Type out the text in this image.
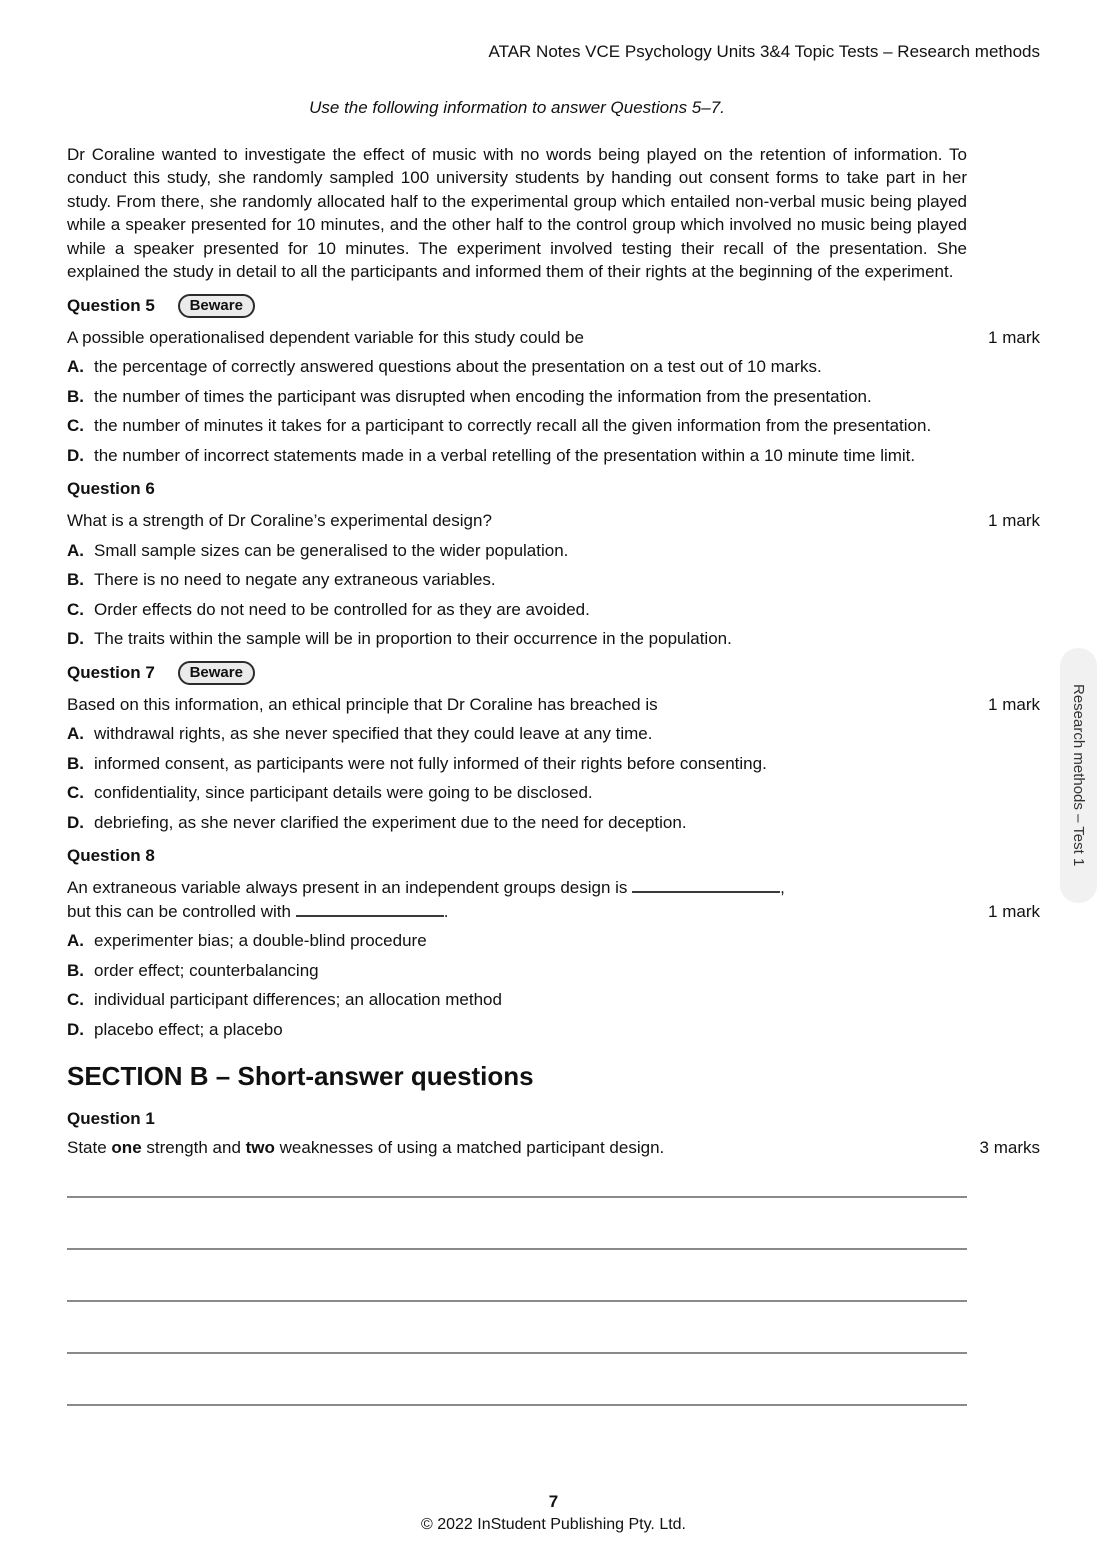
ATAR Notes VCE Psychology Units 3&4 Topic Tests – Research methods
Use the following information to answer Questions 5–7.

Dr Coraline wanted to investigate the effect of music with no words being played on the retention of information. To conduct this study, she randomly sampled 100 university students by handing out consent forms to take part in her study. From there, she randomly allocated half to the experimental group which entailed non-verbal music being played while a speaker presented for 10 minutes, and the other half to the control group which involved no music being played while a speaker presented for 10 minutes. The experiment involved testing their recall of the presentation. She explained the study in detail to all the participants and informed them of their rights at the beginning of the experiment.

Question 5 Beware
A possible operationalised dependent variable for this study could be	1 mark
A. the percentage of correctly answered questions about the presentation on a test out of 10 marks.
B. the number of times the participant was disrupted when encoding the information from the presentation.
C. the number of minutes it takes for a participant to correctly recall all the given information from the presentation.
D. the number of incorrect statements made in a verbal retelling of the presentation within a 10 minute time limit.
Question 6
What is a strength of Dr Coraline’s experimental design?	1 mark
A. Small sample sizes can be generalised to the wider population.
B. There is no need to negate any extraneous variables.
C. Order effects do not need to be controlled for as they are avoided.
D. The traits within the sample will be in proportion to their occurrence in the population.
Question 7 Beware
Based on this information, an ethical principle that Dr Coraline has breached is	1 mark
A. withdrawal rights, as she never specified that they could leave at any time.
B. informed consent, as participants were not fully informed of their rights before consenting.
C. confidentiality, since participant details were going to be disclosed.
D. debriefing, as she never clarified the experiment due to the need for deception.
Question 8
An extraneous variable always present in an independent groups design is	,
but this can be controlled with	.	1 mark
A. experimenter bias; a double-blind procedure
B. order effect; counterbalancing
C. individual participant differences; an allocation method
D. placebo effect; a placebo
SECTION B – Short-answer questions
Question 1
State one strength and two weaknesses of using a matched participant design.	3 marks
Research methods – Test 1
7
© 2022 InStudent Publishing Pty. Ltd.
